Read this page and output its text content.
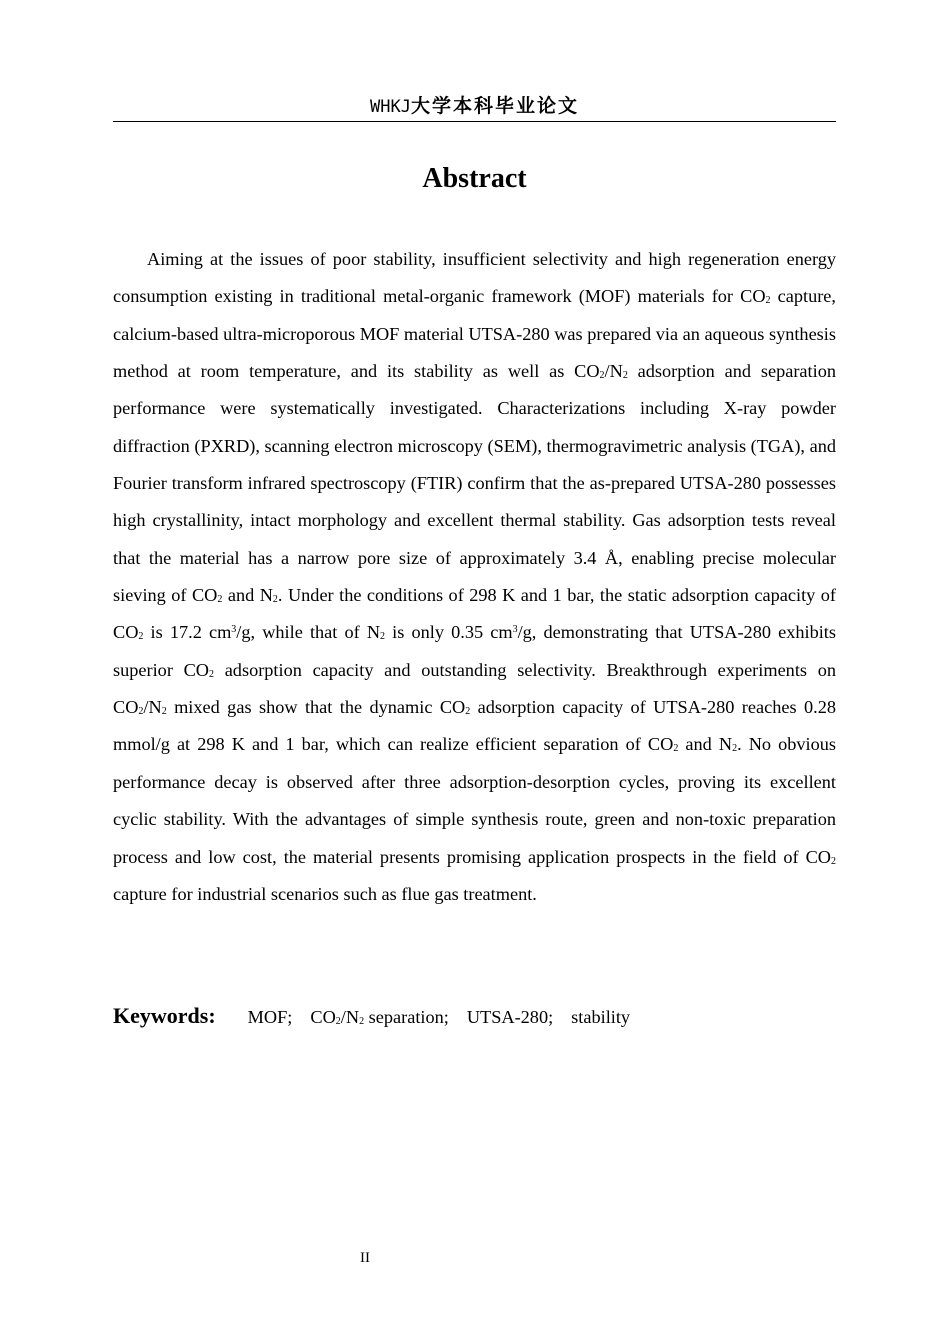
WHKJ大学本科毕业论文
Abstract

Aiming at the issues of poor stability, insufficient selectivity and high regeneration energy consumption existing in traditional metal-organic framework (MOF) materials for $CO_2$ capture, calcium-based ultra-microporous MOF material UTSA-280 was prepared via an aqueous synthesis method at room temperature, and its stability as well as $CO_2/N_2$ adsorption and separation performance were systematically investigated. Characterizations including X-ray powder diffraction (PXRD), scanning electron microscopy (SEM), thermogravimetric analysis (TGA), and Fourier transform infrared spectroscopy (FTIR) confirm that the as-prepared UTSA-280 possesses high crystallinity, intact morphology and excellent thermal stability. Gas adsorption tests reveal that the material has a narrow pore size of approximately 3.4 Å, enabling precise molecular sieving of $CO_2$ and $N_2$. Under the conditions of 298 K and 1 bar, the static adsorption capacity of $CO_2$ is 17.2 $cm^3/g$, while that of $N_2$ is only 0.35 $cm^3/g$, demonstrating that UTSA-280 exhibits superior $CO_2$ adsorption capacity and outstanding selectivity. Breakthrough experiments on $CO_2/N_2$ mixed gas show that the dynamic $CO_2$ adsorption capacity of UTSA-280 reaches 0.28 mmol/g at 298 K and 1 bar, which can realize efficient separation of $CO_2$ and $N_2$. No obvious performance decay is observed after three adsorption-desorption cycles, proving its excellent cyclic stability. With the advantages of simple synthesis route, green and non-toxic preparation process and low cost, the material presents promising application prospects in the field of $CO_2$ capture for industrial scenarios such as flue gas treatment.

Keywords: MOF; $CO_2/N_2$ separation; UTSA-280; stability
II
